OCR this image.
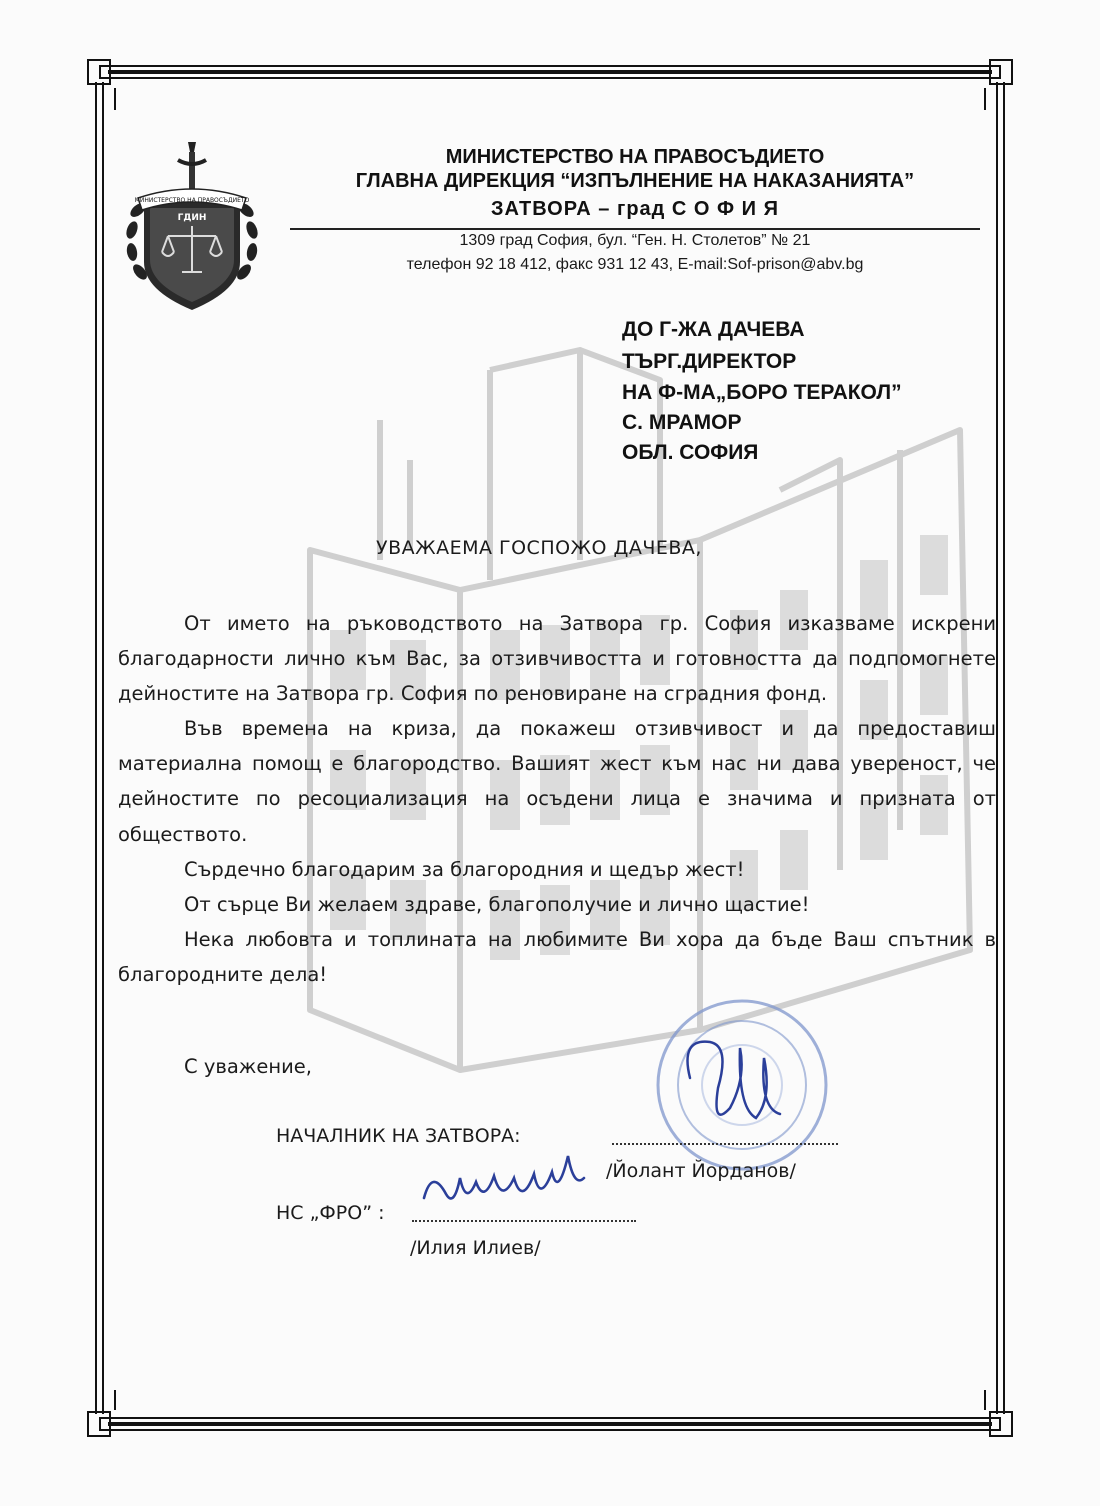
МИНИСТЕРСТВО НА ПРАВОСЪДИЕТО
ГДИН
МИНИСТЕРСТВО НА ПРАВОСЪДИЕТО
ГЛАВНА ДИРЕКЦИЯ “ИЗПЪЛНЕНИЕ НА НАКАЗАНИЯТА”
ЗАТВОРА – град С О Ф И Я
1309 град София, бул. “Ген. Н. Столетов” № 21
телефон 92 18 412, факс 931 12 43, E-mail:Sof-prison@abv.bg
ДО Г-ЖА ДАЧЕВА
ТЪРГ.ДИРЕКТОР
НА Ф-МА„БОРО ТЕРАКОЛ”
С. МРАМОР
ОБЛ. СОФИЯ
УВАЖАЕМА ГОСПОЖО ДАЧЕВА,

От името на ръководството на Затвора гр. София изказваме искрени благодарности лично към Вас, за отзивчивостта и готовността да подпомогнете дейностите на Затвора гр. София по реновиране на сградния фонд.

Във времена на криза, да покажеш отзивчивост и да предоставиш материална помощ е благородство. Вашият жест към нас ни дава увереност, че дейностите по ресоциализация на осъдени лица е значима и призната от обществото.

Сърдечно благодарим за благородния и щедър жест!

От сърце Ви желаем здраве, благополучие и лично щастие!

Нека любовта и топлината на любимите Ви хора да бъде Ваш спътник в благородните дела!

С уважение,
НАЧАЛНИК НА ЗАТВОРА:
/Йолант Йорданов/
НС „ФРО” :
/Илия Илиев/
